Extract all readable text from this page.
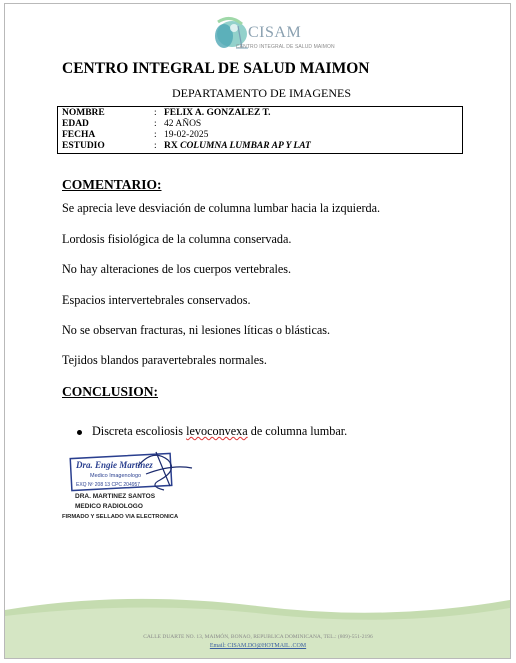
CISAM
CENTRO INTEGRAL DE SALUD MAIMON
CENTRO INTEGRAL DE SALUD MAIMON
DEPARTAMENTO DE IMAGENES
NOMBRE	: FELIX A. GONZALEZ T.
EDAD	: 42 AÑOS
FECHA	: 19-02-2025
ESTUDIO	: RX COLUMNA LUMBAR AP Y LAT
COMENTARIO:
Se aprecia leve desviación de columna lumbar hacia la izquierda.
Lordosis fisiológica de la columna conservada.
No hay alteraciones de los cuerpos vertebrales.
Espacios intervertebrales conservados.
No se observan fracturas, ni lesiones líticas o blásticas.
Tejidos blandos paravertebrales normales.
CONCLUSION:
Discreta escoliosis levoconvexa de columna lumbar.
Dra. Engie Martinez
Medico Imagenologo
EXQ Nº 208 13 CPC 204957
DRA. MARTINEZ SANTOS
MEDICO RADIOLOGO
FIRMADO Y SELLADO VIA ELECTRONICA
CALLE DUARTE NO. 13, MAIMÓN, BONAO, REPUBLICA DOMINICANA, TEL.: (809)-551-2196
Email: CISAM.DO@HOTMAIL .COM
